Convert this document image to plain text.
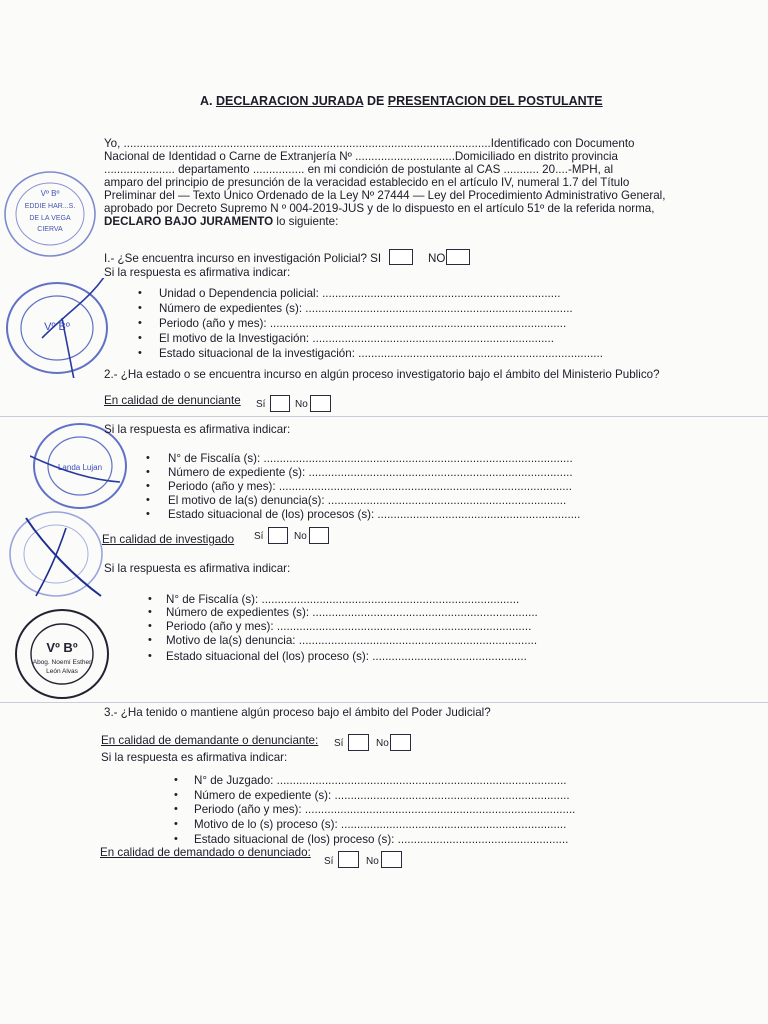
Vº Bº
EDDIE HAR...S.
DE LA VEGA
CIERVA
Vº Bº
Landa Lujan
Vº Bº
Abog. Noemí Esther
León Alvas
A. DECLARACION JURADA DE PRESENTACION DEL POSTULANTE
Yo, ..................................................................................................................Identificado con Documento
Nacional de Identidad o Carne de Extranjería Nº ...............................Domiciliado en distrito provincia
...................... departamento ................ en mi condición de postulante al CAS ........... 20....-MPH, al
amparo del principio de presunción de la veracidad establecido en el artículo IV, numeral 1.7 del Título
Preliminar del — Texto Único Ordenado de la Ley Nº 27444 — Ley del Procedimiento Administrativo General,
aprobado por Decreto Supremo N º 004-2019-JUS y de lo dispuesto en el artículo 51º de la referida norma,
DECLARO BAJO JURAMENTO lo siguiente:
I.- ¿Se encuentra incurso en investigación Policial? SI	NO
Si la respuesta es afirmativa indicar:
• Unidad o Dependencia policial: ..........................................................................
• Número de expedientes (s): ...................................................................................
• Periodo (año y mes): ............................................................................................
• El motivo de la Investigación: ...........................................................................
• Estado situacional de la investigación: ............................................................................
2.- ¿Ha estado o se encuentra incurso en algún proceso investigatorio bajo el ámbito del Ministerio Publico?
En calidad de denunciante Sí	No
Si la respuesta es afirmativa indicar:
• N° de Fiscalía (s): ................................................................................................
• Número de expediente (s): ..................................................................................
• Periodo (año y mes): ...........................................................................................
• El motivo de la(s) denuncia(s): ..........................................................................
• Estado situacional de (los) procesos (s): ...............................................................
En calidad de investigado Sí	No
Si la respuesta es afirmativa indicar:
• N° de Fiscalía (s): ................................................................................
• Número de expedientes (s): ......................................................................
• Periodo (año y mes): ...............................................................................
• Motivo de la(s) denuncia: ..........................................................................
• Estado situacional del (los) proceso (s): ................................................
3.- ¿Ha tenido o mantiene algún proceso bajo el ámbito del Poder Judicial?
En calidad de demandante o denunciante: Sí	No
Si la respuesta es afirmativa indicar:
• N° de Juzgado: ..........................................................................................
• Número de expediente (s): .........................................................................
• Periodo (año y mes): ....................................................................................
• Motivo de lo (s) proceso (s): ......................................................................
• Estado situacional de (los) proceso (s): .....................................................
En calidad de demandado o denunciado:
Sí	No
